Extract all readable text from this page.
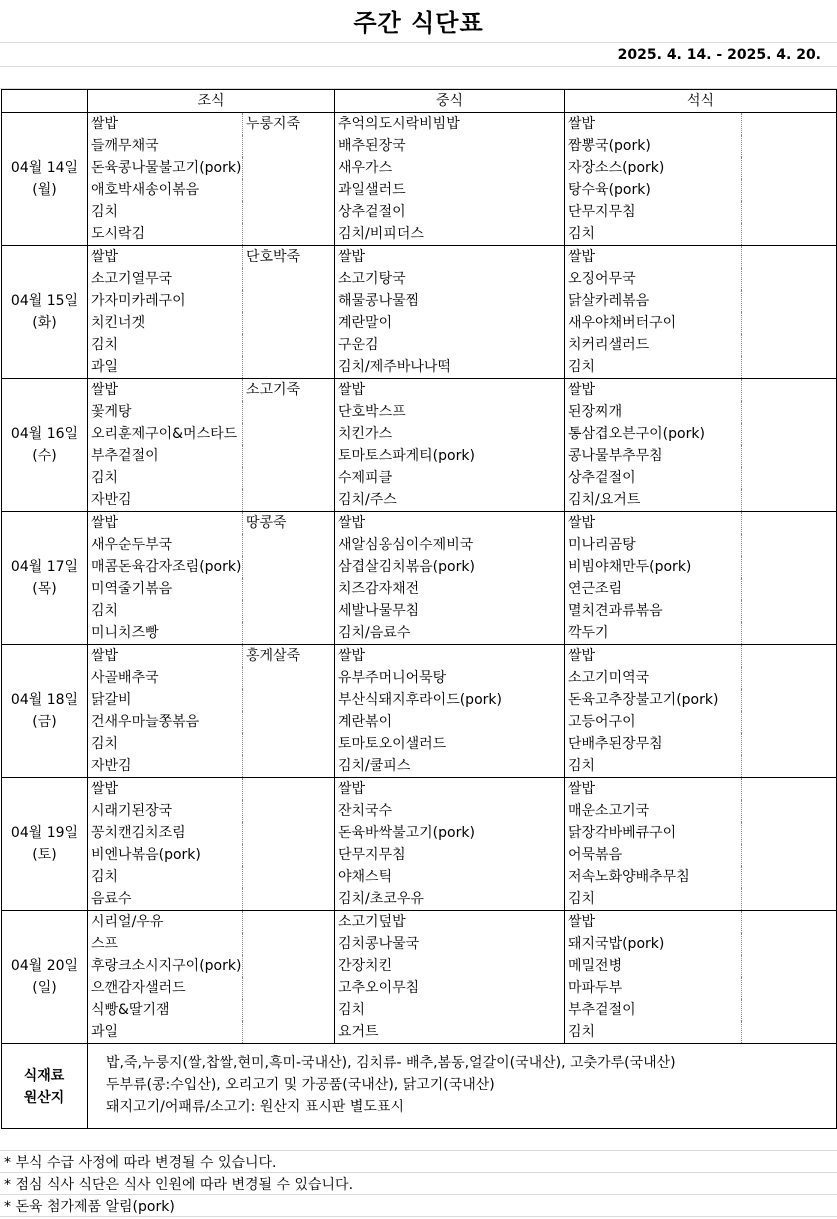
주간 식단표
2025. 4. 14. - 2025. 4. 20.
	조식		중식	석식	

04월 14일
(월)	쌀밥	누룽지죽	추억의도시락비빔밥	쌀밥	
	들깨무채국		배추된장국	짬뽕국(pork)	
	돈육콩나물불고기(pork)		새우가스	자장소스(pork)	
	애호박새송이볶음		과일샐러드	탕수육(pork)	
	김치		상추겉절이	단무지무침	
	도시락김		김치/비피더스	김치	

04월 15일
(화)	쌀밥	단호박죽	쌀밥	쌀밥	
	소고기열무국		소고기탕국	오징어무국	
	가자미카레구이		해물콩나물찜	닭살카레볶음	
	치킨너겟		계란말이	새우야채버터구이	
	김치		구운김	치커리샐러드	
	과일		김치/제주바나나떡	김치	

04월 16일
(수)	쌀밥	소고기죽	쌀밥	쌀밥	
	꽃게탕		단호박스프	된장찌개	
	오리훈제구이&머스타드		치킨가스	통삼겹오븐구이(pork)	
	부추겉절이		토마토스파게티(pork)	콩나물부추무침	
	김치		수제피클	상추겉절이	
	자반김		김치/주스	김치/요거트	

04월 17일
(목)	쌀밥	땅콩죽	쌀밥	쌀밥	
	새우순두부국		새알심옹심이수제비국	미나리곰탕	
	매콤돈육감자조림(pork)		삼겹살김치볶음(pork)	비빔야채만두(pork)	
	미역줄기볶음		치즈감자채전	연근조림	
	김치		세발나물무침	멸치견과류볶음	
	미니치즈빵		김치/음료수	깍두기	

04월 18일
(금)	쌀밥	홍게살죽	쌀밥	쌀밥	
	사골배추국		유부주머니어묵탕	소고기미역국	
	닭갈비		부산식돼지후라이드(pork)	돈육고추장불고기(pork)	
	건새우마늘쫑볶음		계란볶이	고등어구이	
	김치		토마토오이샐러드	단배추된장무침	
	자반김		김치/쿨피스	김치	

04월 19일
(토)	쌀밥		쌀밥	쌀밥	
	시래기된장국		잔치국수	매운소고기국	
	꽁치캔김치조림		돈육바싹불고기(pork)	닭장각바베큐구이	
	비엔나볶음(pork)		단무지무침	어묵볶음	
	김치		야채스틱	저속노화양배추무침	
	음료수		김치/초코우유	김치	

04월 20일
(일)	시리얼/우유		소고기덮밥	쌀밥	
	스프		김치콩나물국	돼지국밥(pork)	
	후랑크소시지구이(pork)		간장치킨	메밀전병	
	으깬감자샐러드		고추오이무침	마파두부	
	식빵&딸기잼		김치	부추겉절이	
	과일		요거트	김치	
식재료
원산지
밥,죽,누룽지(쌀,찹쌀,현미,흑미-국내산), 김치류- 배추,봄동,얼갈이(국내산), 고춧가루(국내산)
두부류(콩:수입산), 오리고기 및 가공품(국내산), 닭고기(국내산)
돼지고기/어패류/소고기: 원산지 표시판 별도표시
* 부식 수급 사정에 따라 변경될 수 있습니다.
* 점심 식사 식단은 식사 인원에 따라 변경될 수 있습니다.
* 돈육 첨가제품 알림(pork)
